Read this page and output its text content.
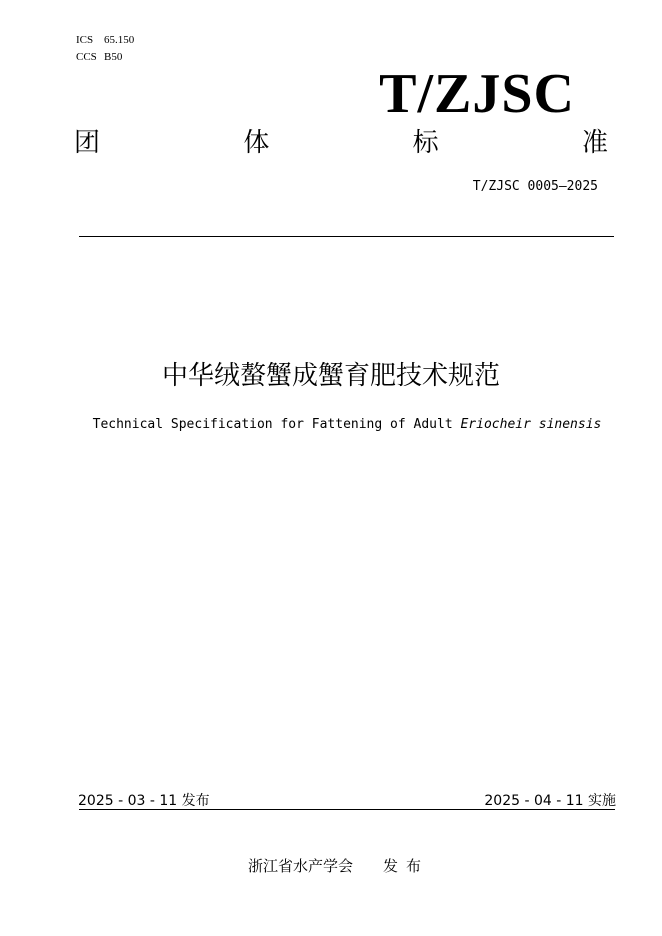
ICS 65.150
CCS B50
T/ZJSC
团	体	标	准
T/ZJSC 0005—2025
中华绒螯蟹成蟹育肥技术规范
Technical Specification for Fattening of Adult Eriocheir sinensis
2025 - 03 - 11 发布	2025 - 04 - 11 实施
浙江省水产学会 发布
